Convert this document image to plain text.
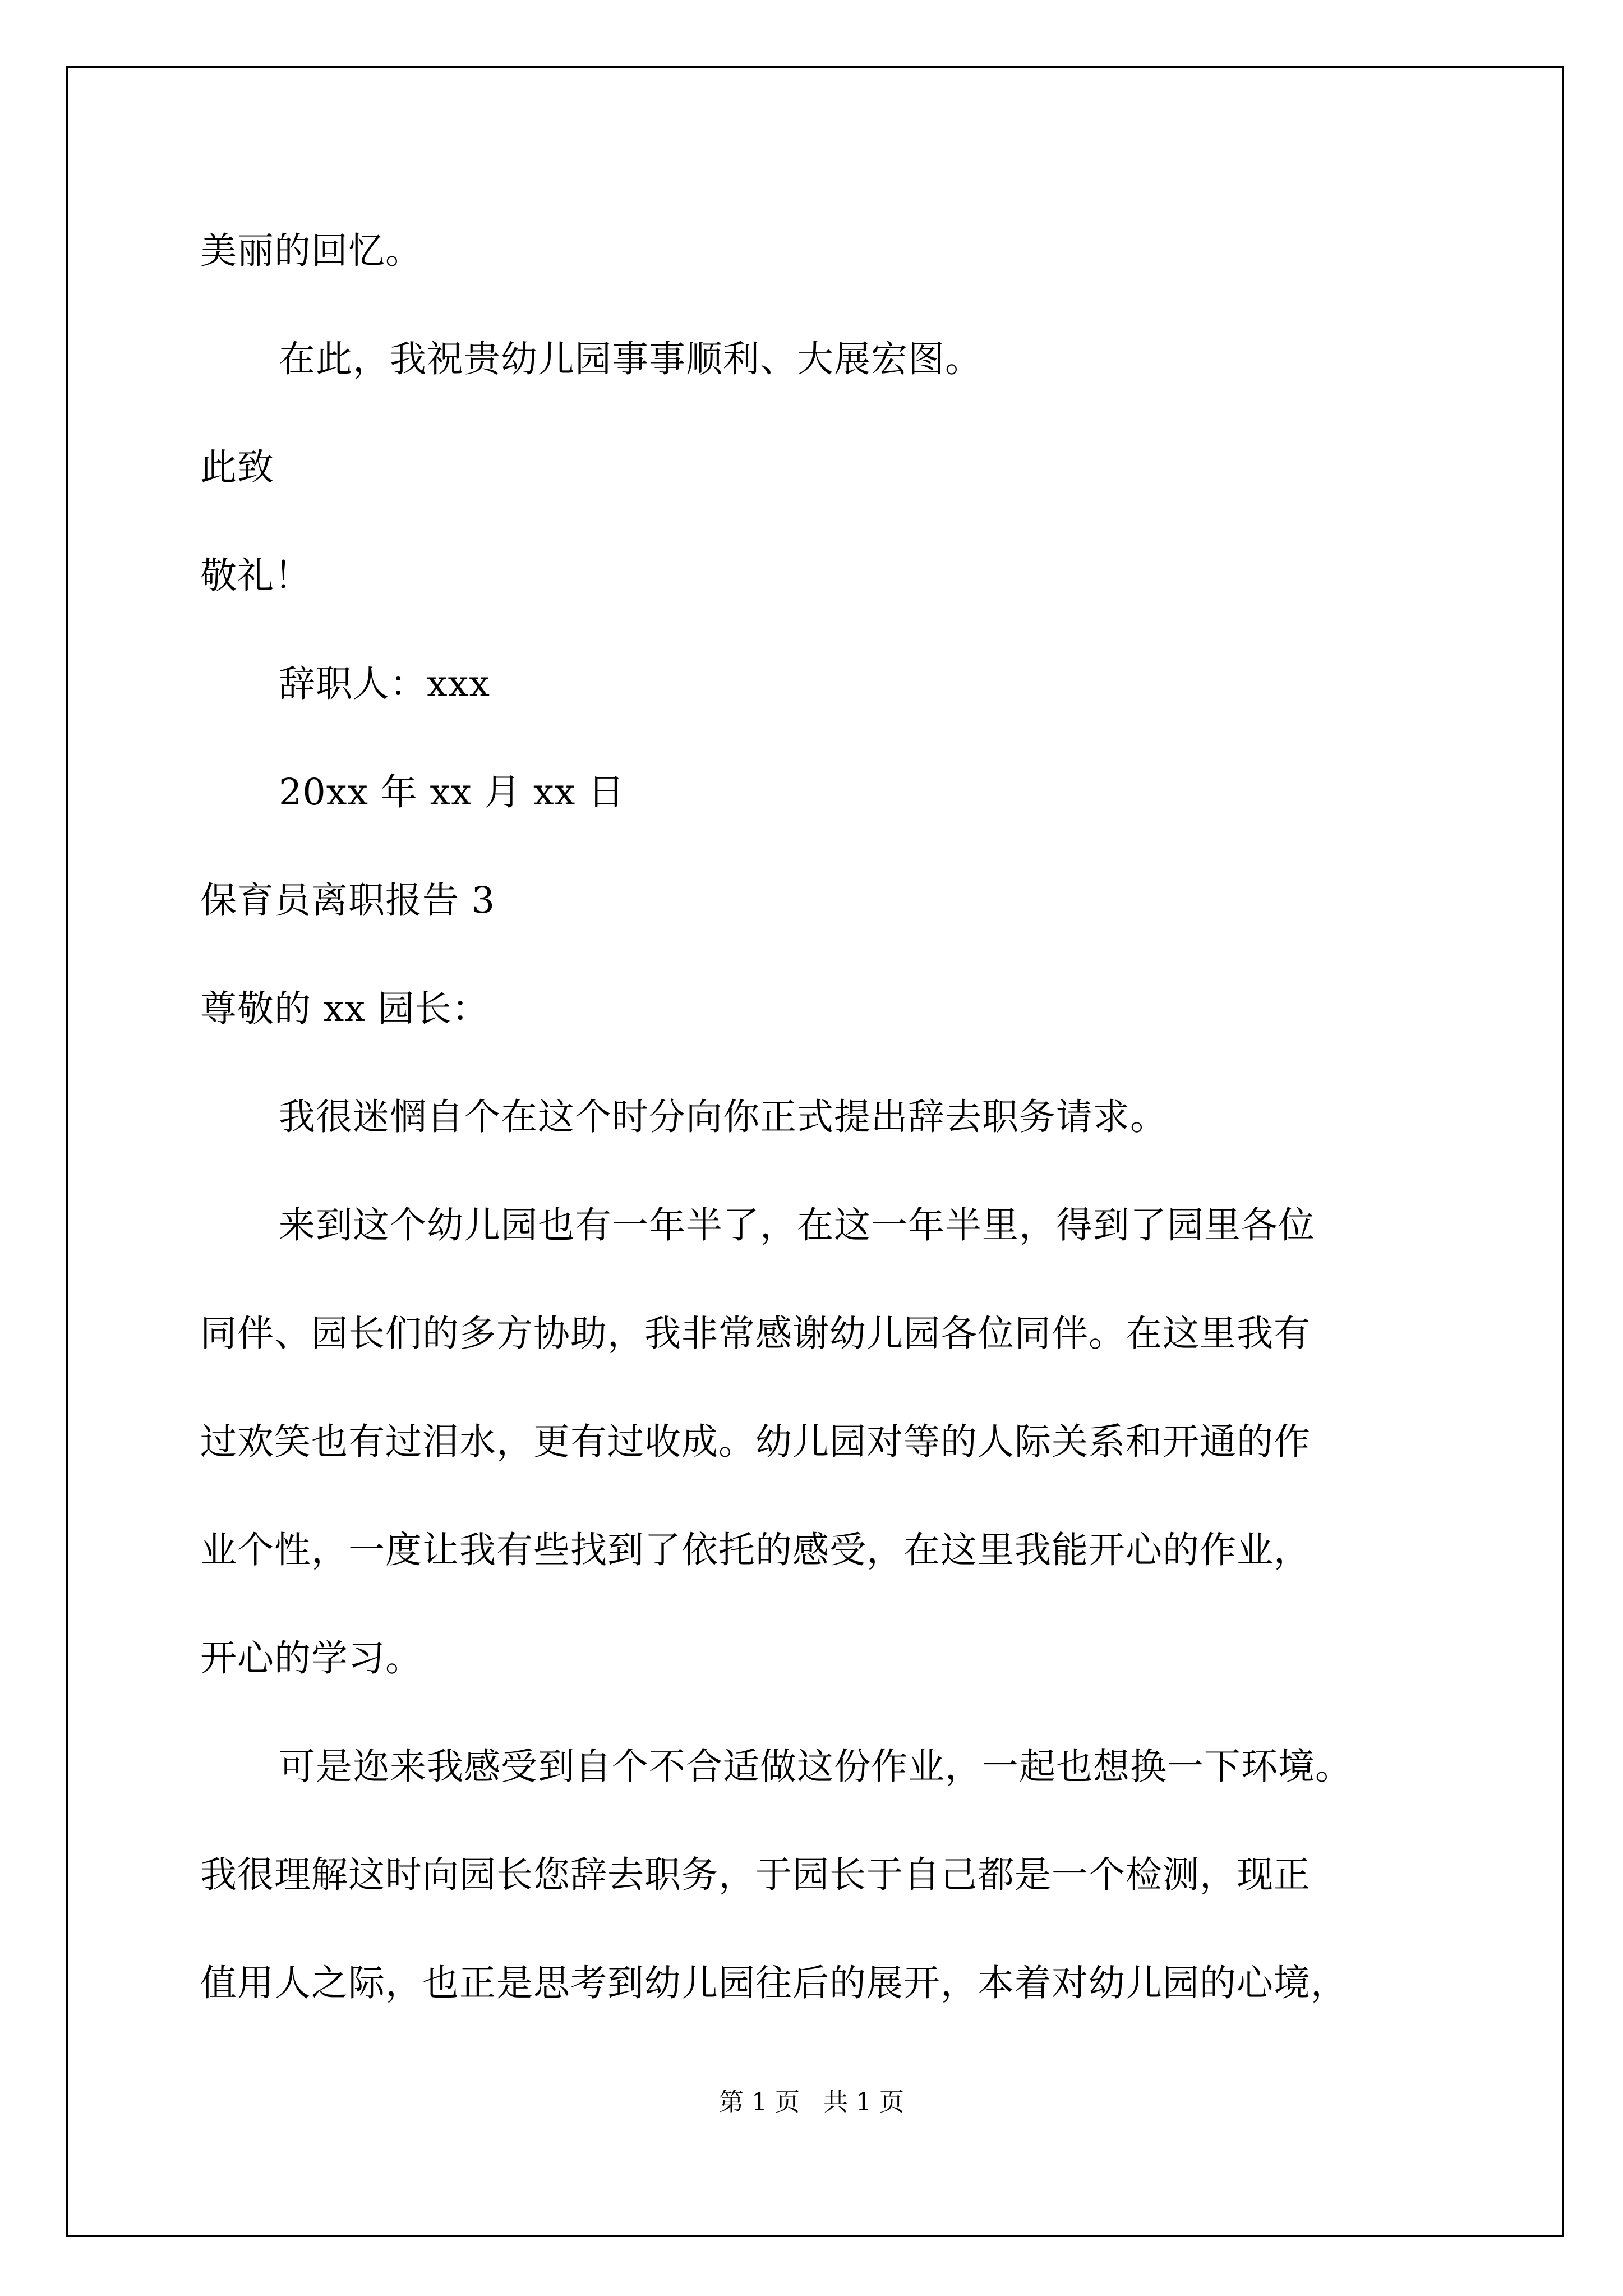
美丽的回忆。
在此，我祝贵幼儿园事事顺利、大展宏图。
此致
敬礼！
辞职人：xxx
20xx 年 xx 月 xx 日
保育员离职报告 3
尊敬的 xx 园长：
我很迷惘自个在这个时分向你正式提出辞去职务请求。
来到这个幼儿园也有一年半了，在这一年半里，得到了园里各位
同伴、园长们的多方协助，我非常感谢幼儿园各位同伴。在这里我有
过欢笑也有过泪水，更有过收成。幼儿园对等的人际关系和开通的作
业个性，一度让我有些找到了依托的感受，在这里我能开心的作业，
开心的学习。
可是迩来我感受到自个不合适做这份作业，一起也想换一下环境。
我很理解这时向园长您辞去职务，于园长于自己都是一个检测，现正
值用人之际，也正是思考到幼儿园往后的展开，本着对幼儿园的心境，
第 1 页   共 1 页
